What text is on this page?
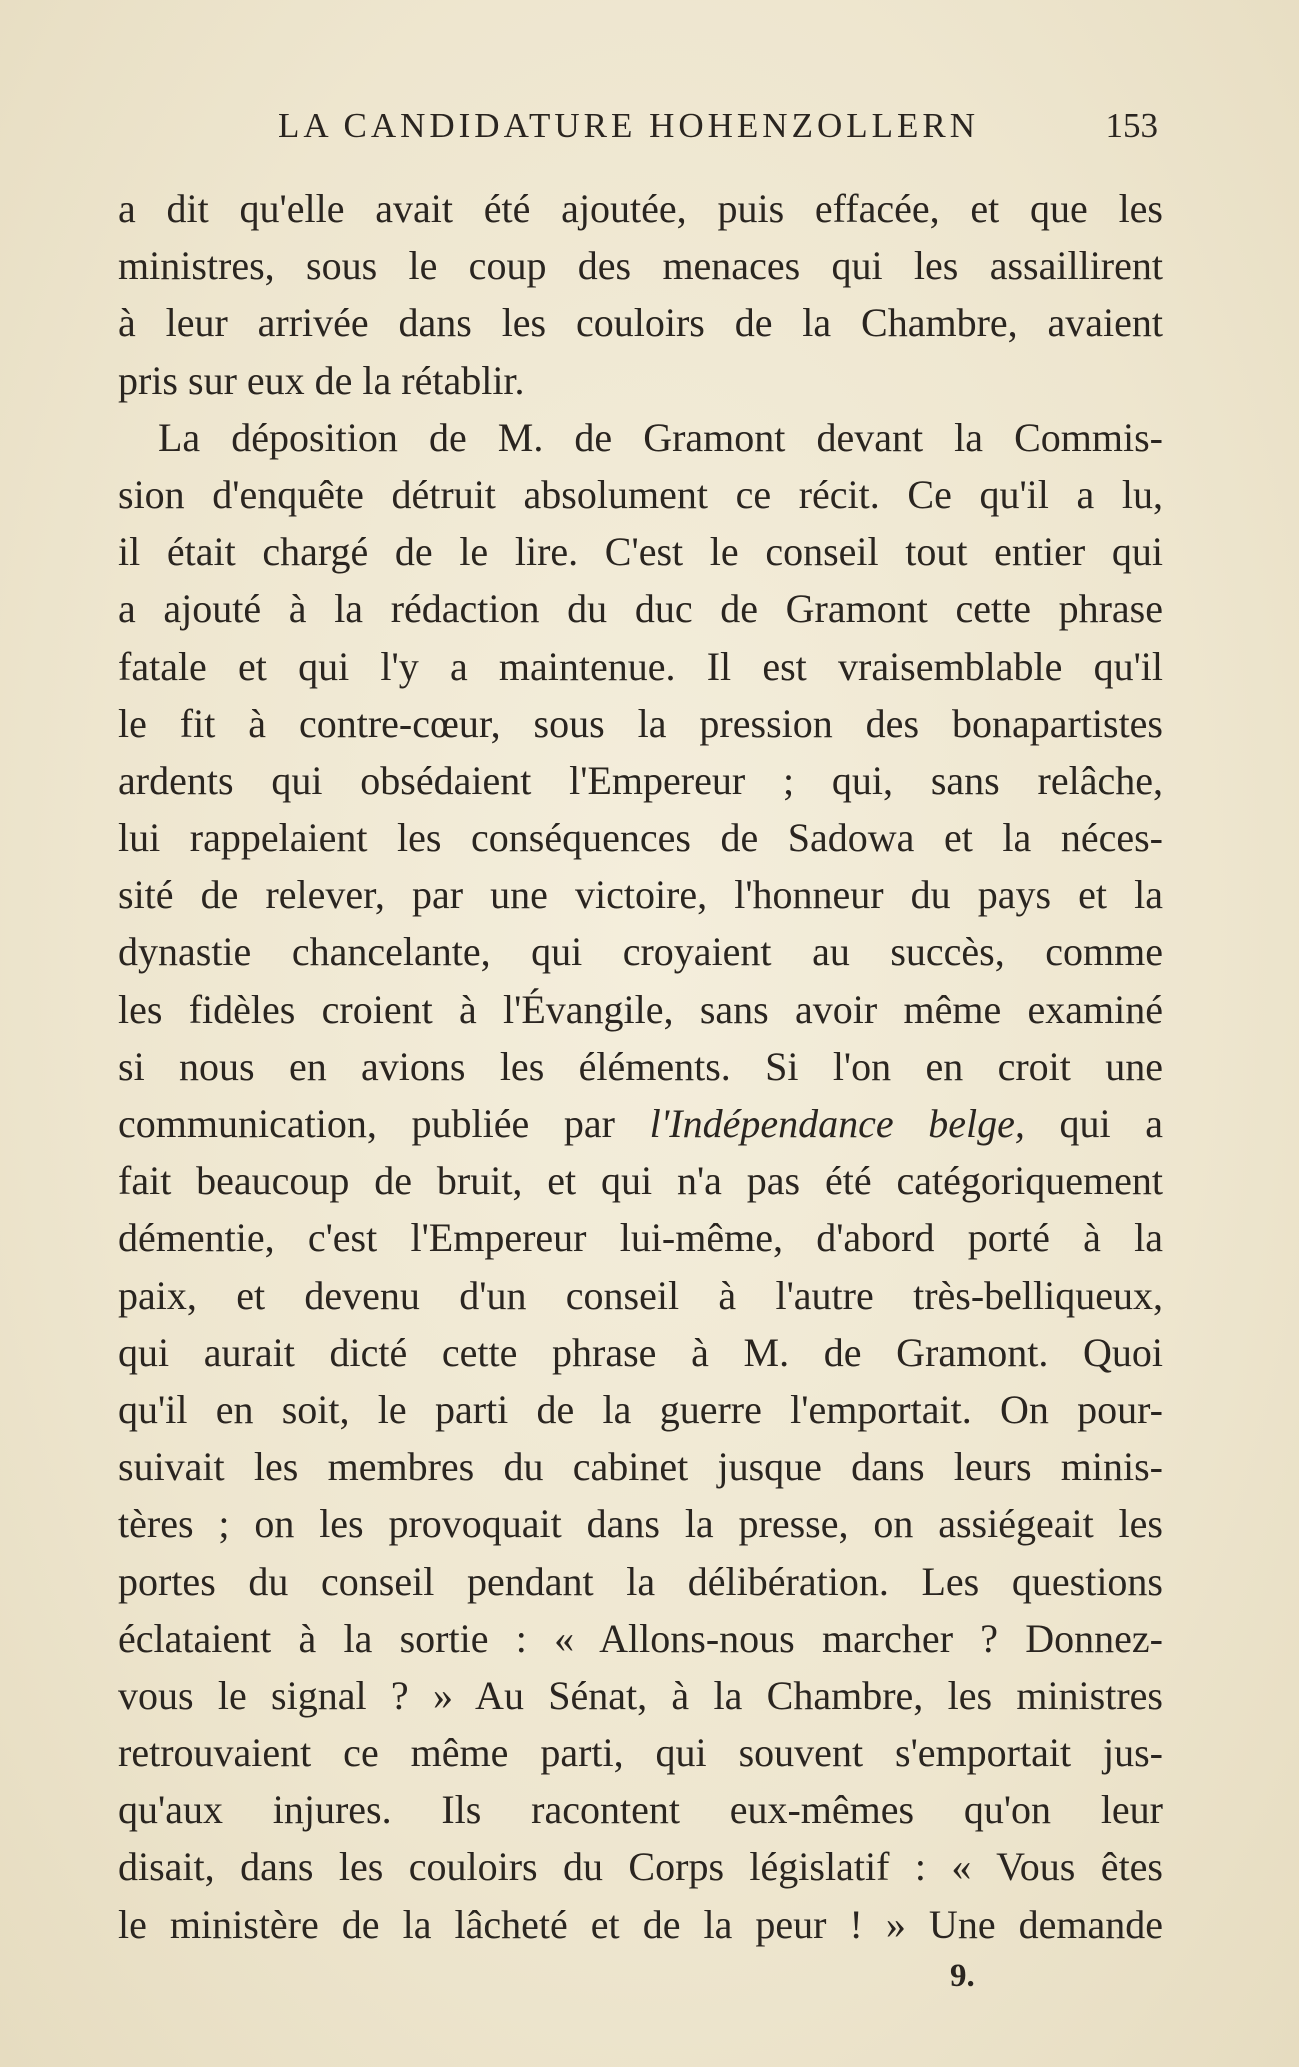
LA CANDIDATURE HOHENZOLLERN	153
a dit qu'elle avait été ajoutée, puis effacée, et que les
ministres, sous le coup des menaces qui les assaillirent
à leur arrivée dans les couloirs de la Chambre, avaient
pris sur eux de la rétablir.
La déposition de M. de Gramont devant la Commis-
sion d'enquête détruit absolument ce récit. Ce qu'il a lu,
il était chargé de le lire. C'est le conseil tout entier qui
a ajouté à la rédaction du duc de Gramont cette phrase
fatale et qui l'y a maintenue. Il est vraisemblable qu'il
le fit à contre-cœur, sous la pression des bonapartistes
ardents qui obsédaient l'Empereur ; qui, sans relâche,
lui rappelaient les conséquences de Sadowa et la néces-
sité de relever, par une victoire, l'honneur du pays et la
dynastie chancelante, qui croyaient au succès, comme
les fidèles croient à l'Évangile, sans avoir même examiné
si nous en avions les éléments. Si l'on en croit une
communication, publiée par l'Indépendance belge, qui a
fait beaucoup de bruit, et qui n'a pas été catégoriquement
démentie, c'est l'Empereur lui-même, d'abord porté à la
paix, et devenu d'un conseil à l'autre très-belliqueux,
qui aurait dicté cette phrase à M. de Gramont. Quoi
qu'il en soit, le parti de la guerre l'emportait. On pour-
suivait les membres du cabinet jusque dans leurs minis-
tères ; on les provoquait dans la presse, on assiégeait les
portes du conseil pendant la délibération. Les questions
éclataient à la sortie : « Allons-nous marcher ? Donnez-
vous le signal ? » Au Sénat, à la Chambre, les ministres
retrouvaient ce même parti, qui souvent s'emportait jus-
qu'aux injures. Ils racontent eux-mêmes qu'on leur
disait, dans les couloirs du Corps législatif : « Vous êtes
le ministère de la lâcheté et de la peur ! » Une demande
9.
